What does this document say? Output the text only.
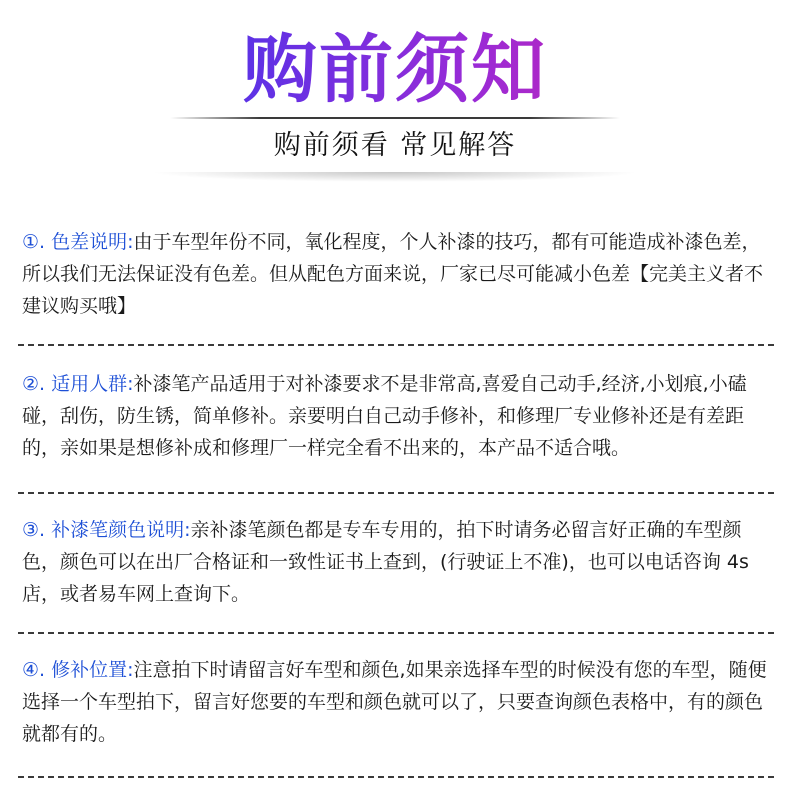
购前须知
购前须看 常见解答
①. 色差说明:由于车型年份不同，氧化程度，个人补漆的技巧，都有可能造成补漆色差，所以我们无法保证没有色差。但从配色方面来说，厂家已尽可能减小色差【完美主义者不建议购买哦】
②. 适用人群:补漆笔产品适用于对补漆要求不是非常高,喜爱自己动手,经济,小划痕,小磕碰，刮伤，防生锈，简单修补。亲要明白自己动手修补，和修理厂专业修补还是有差距的，亲如果是想修补成和修理厂一样完全看不出来的，本产品不适合哦。
③. 补漆笔颜色说明:亲补漆笔颜色都是专车专用的，拍下时请务必留言好正确的车型颜色，颜色可以在出厂合格证和一致性证书上查到，(行驶证上不准)，也可以电话咨询 4s 店，或者易车网上查询下。
④. 修补位置:注意拍下时请留言好车型和颜色,如果亲选择车型的时候没有您的车型，随便选择一个车型拍下，留言好您要的车型和颜色就可以了，只要查询颜色表格中，有的颜色就都有的。
